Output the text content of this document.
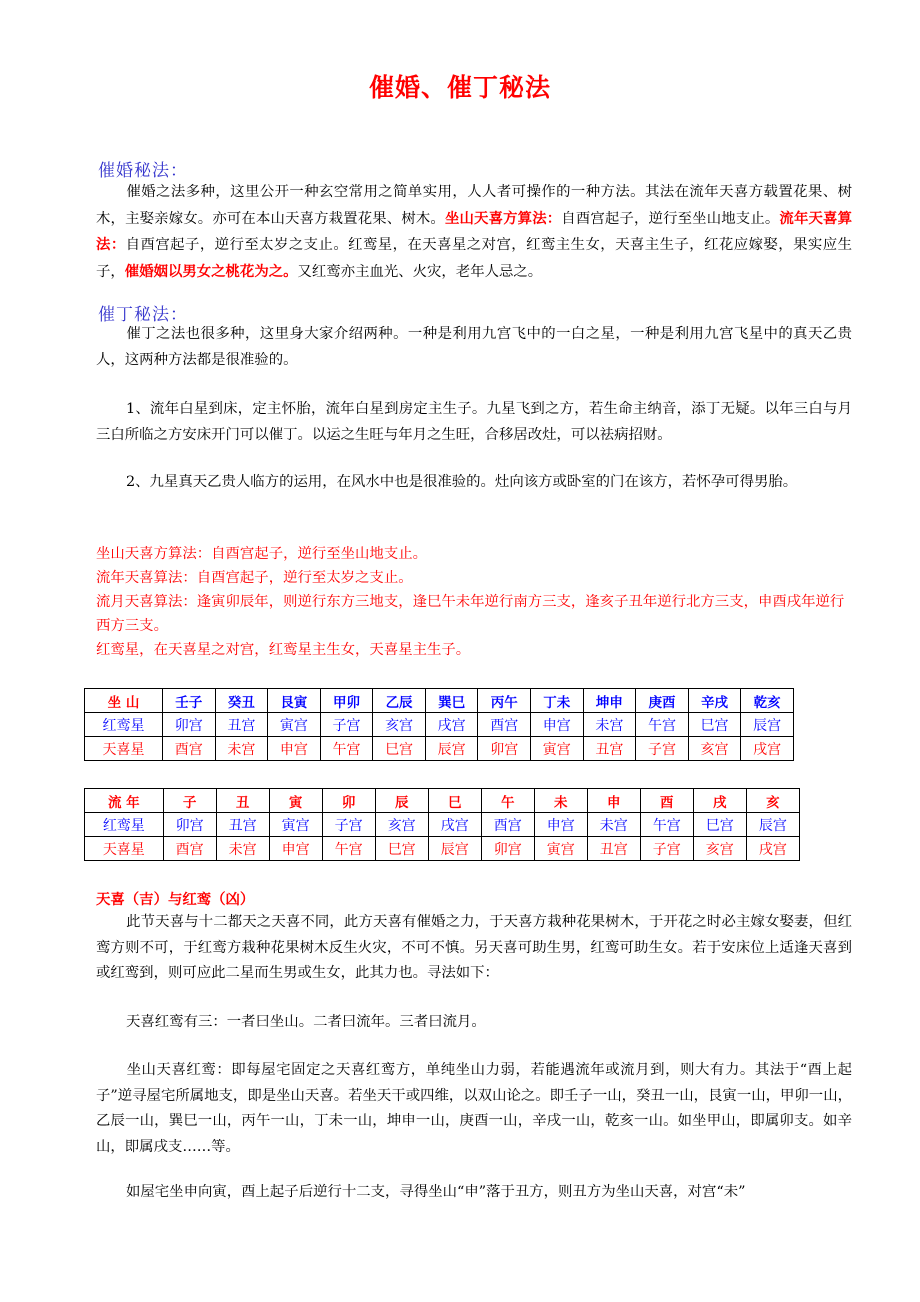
催婚、催丁秘法
催婚秘法：
催婚之法多种，这里公开一种玄空常用之简单实用，人人者可操作的一种方法。其法在流年天喜方载置花果、树木，主娶亲嫁女。亦可在本山天喜方栽置花果、树木。坐山天喜方算法：自酉宫起子，逆行至坐山地支止。流年天喜算法：自酉宫起子，逆行至太岁之支止。红鸾星，在天喜星之对宫，红鸾主生女，天喜主生子，红花应嫁娶，果实应生子，催婚姻以男女之桃花为之。又红鸾亦主血光、火灾，老年人忌之。
催丁秘法：
催丁之法也很多种，这里身大家介绍两种。一种是利用九宫飞中的一白之星，一种是利用九宫飞星中的真天乙贵人，这两种方法都是很准验的。
1、流年白星到床，定主怀胎，流年白星到房定主生子。九星飞到之方，若生命主纳音，添丁无疑。以年三白与月三白所临之方安床开门可以催丁。以运之生旺与年月之生旺，合移居改灶，可以祛病招财。
2、九星真天乙贵人临方的运用，在风水中也是很准验的。灶向该方或卧室的门在该方，若怀孕可得男胎。
坐山天喜方算法：自酉宫起子，逆行至坐山地支止。
流年天喜算法：自酉宫起子，逆行至太岁之支止。
流月天喜算法：逢寅卯辰年，则逆行东方三地支，逢巳午未年逆行南方三支，逢亥子丑年逆行北方三支，申酉戌年逆行西方三支。
红鸾星，在天喜星之对宫，红鸾星主生女，天喜星主生子。
坐 山	壬子	癸丑	艮寅	甲卯	乙辰	巽巳	丙午	丁未	坤申	庚酉	辛戌	乾亥
红鸾星	卯宫	丑宫	寅宫	子宫	亥宫	戌宫	酉宫	申宫	未宫	午宫	巳宫	辰宫
天喜星	酉宫	未宫	申宫	午宫	巳宫	辰宫	卯宫	寅宫	丑宫	子宫	亥宫	戌宫
流 年	子	丑	寅	卯	辰	巳	午	未	申	酉	戌	亥
红鸾星	卯宫	丑宫	寅宫	子宫	亥宫	戌宫	酉宫	申宫	未宫	午宫	巳宫	辰宫
天喜星	酉宫	未宫	申宫	午宫	巳宫	辰宫	卯宫	寅宫	丑宫	子宫	亥宫	戌宫
天喜（吉）与红鸾（凶）
此节天喜与十二都天之天喜不同，此方天喜有催婚之力，于天喜方栽种花果树木，于开花之时必主嫁女娶妻，但红鸾方则不可，于红鸾方栽种花果树木反生火灾，不可不慎。另天喜可助生男，红鸾可助生女。若于安床位上适逢天喜到或红鸾到，则可应此二星而生男或生女，此其力也。寻法如下：
天喜红鸾有三：一者曰坐山。二者曰流年。三者曰流月。
坐山天喜红鸾：即每屋宅固定之天喜红鸾方，单纯坐山力弱，若能遇流年或流月到，则大有力。其法于“酉上起子”逆寻屋宅所属地支，即是坐山天喜。若坐天干或四维，以双山论之。即壬子一山，癸丑一山，艮寅一山，甲卯一山，乙辰一山，巽巳一山，丙午一山，丁未一山，坤申一山，庚酉一山，辛戌一山，乾亥一山。如坐甲山，即属卯支。如辛山，即属戌支……等。
如屋宅坐申向寅，酉上起子后逆行十二支，寻得坐山“申”落于丑方，则丑方为坐山天喜，对宫“未”
